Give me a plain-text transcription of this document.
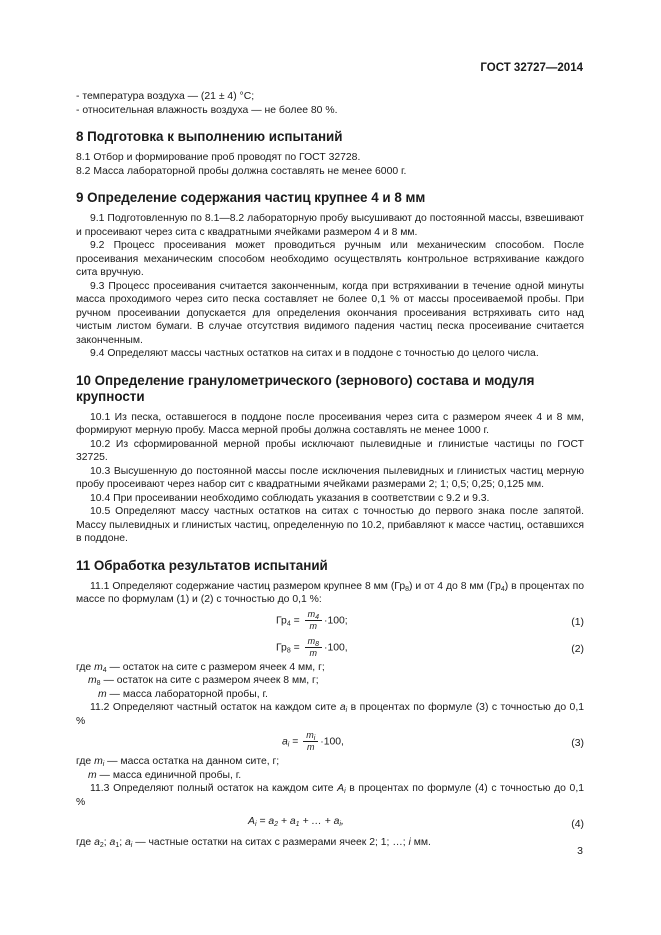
ГОСТ 32727—2014

- температура воздуха — (21 ± 4) °С;

- относительная влажность воздуха — не более 80 %.

8 Подготовка к выполнению испытаний

8.1 Отбор и формирование проб проводят по ГОСТ 32728.

8.2 Масса лабораторной пробы должна составлять не менее 6000 г.

9 Определение содержания частиц крупнее 4 и 8 мм

9.1 Подготовленную по 8.1—8.2 лабораторную пробу высушивают до постоянной массы, взвешивают и просеивают через сита с квадратными ячейками размером 4 и 8 мм.

9.2 Процесс просеивания может проводиться ручным или механическим способом. После просеивания механическим способом необходимо осуществлять контрольное встряхивание каждого сита вручную.

9.3 Процесс просеивания считается законченным, когда при встряхивании в течение одной минуты масса проходимого через сито песка составляет не более 0,1 % от массы просеиваемой пробы. При ручном просеивании допускается для определения окончания просеивания встряхивать сито над чистым листом бумаги. В случае отсутствия видимого падения частиц песка просеивание считается законченным.

9.4 Определяют массы частных остатков на ситах и в поддоне с точностью до целого числа.

10 Определение гранулометрического (зернового) состава и модуля крупности

10.1 Из песка, оставшегося в поддоне после просеивания через сита с размером ячеек 4 и 8 мм, формируют мерную пробу. Масса мерной пробы должна составлять не менее 1000 г.

10.2 Из сформированной мерной пробы исключают пылевидные и глинистые частицы по ГОСТ 32725.

10.3 Высушенную до постоянной массы после исключения пылевидных и глинистых частиц мерную пробу просеивают через набор сит с квадратными ячейками размерами 2; 1; 0,5; 0,25; 0,125 мм.

10.4 При просеивании необходимо соблюдать указания в соответствии с 9.2 и 9.3.

10.5 Определяют массу частных остатков на ситах с точностью до первого знака после запятой. Массу пылевидных и глинистых частиц, определенную по 10.2, прибавляют к массе частиц, оставшихся в поддоне.

11 Обработка результатов испытаний

11.1 Определяют содержание частиц размером крупнее 8 мм $(Гр_8)$ и от 4 до 8 мм $(Гр_4)$ в процентах по массе по формулам (1) и (2) с точностью до 0,1 %:

$Гр_4 = \frac{m_4}{m} \cdot 100$;	(1)
$Гр_8 = \frac{m_8}{m} \cdot 100$,	(2)

где $m_4$ — остаток на сите с размером ячеек 4 мм, г;

$m_8$ — остаток на сите с размером ячеек 8 мм, г;

m — масса лабораторной пробы, г.

11.2 Определяют частный остаток на каждом сите $a_i$ в процентах по формуле (3) с точностью до 0,1 %

$a_i = \frac{m_i}{m} \cdot 100$,	(3)

где $m_i$ — масса остатка на данном сите, г;

m — масса единичной пробы, г.

11.3 Определяют полный остаток на каждом сите $A_i$ в процентах по формуле (4) с точностью до 0,1 %

$A_i = a_2 + a_1$ + … + $a_i$,	(4)

где $a_2$; $a_1$; $a_i$ — частные остатки на ситах с размерами ячеек 2; 1; …; i мм.

3
